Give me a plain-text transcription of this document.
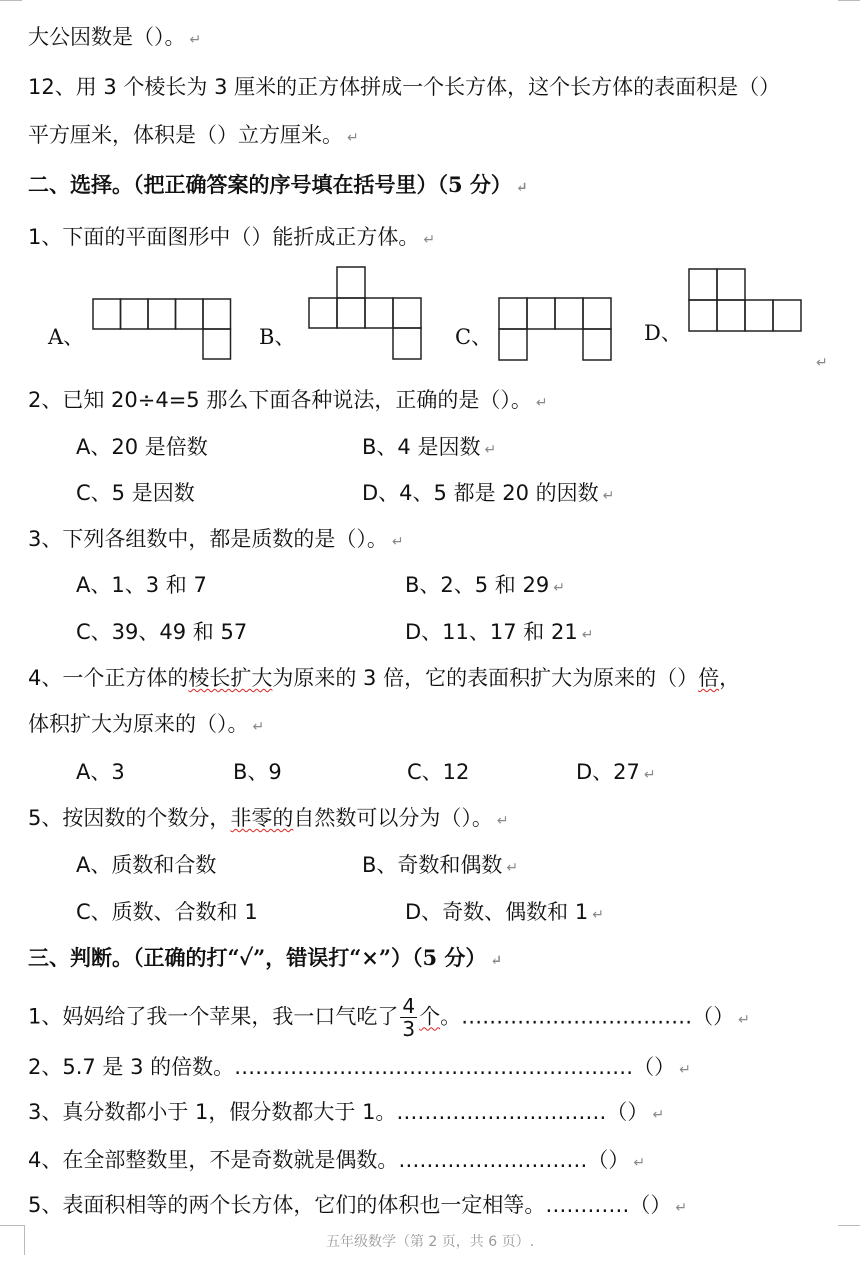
大公因数是（）。 ↵
12、用 3 个棱长为 3 厘米的正方体拼成一个长方体，这个长方体的表面积是（）
平方厘米，体积是（）立方厘米。 ↵
二、选择。（把正确答案的序号填在括号里）（5 分） ↵
1、下面的平面图形中（）能折成正方体。 ↵
A、	B、	C、	D、
↵
2、已知 20÷4=5 那么下面各种说法，正确的是（）。 ↵
A、20 是倍数	B、4 是因数 ↵
C、5 是因数	D、4、5 都是 20 的因数 ↵
3、下列各组数中，都是质数的是（）。 ↵
A、1、3 和 7	B、2、5 和 29 ↵
C、39、49 和 57	D、11、17 和 21 ↵
4、一个正方体的棱长扩大为原来的 3 倍，它的表面积扩大为原来的（）倍，
体积扩大为原来的（）。 ↵
A、3	B、9	C、12	D、27 ↵
5、按因数的个数分，非零的自然数可以分为（）。 ↵
A、质数和合数	B、奇数和偶数 ↵
C、质数、合数和 1	D、奇数、偶数和 1 ↵
三、判断。（正确的打“✓”，错误打“×”）（5 分） ↵
1、妈妈给了我一个苹果，我一口气吃了 $\frac{4}{3}$ 个。……………………………（） ↵
2、5.7 是 3 的倍数。…………………………………………………（） ↵
3、真分数都小于 1，假分数都大于 1。…………………………（） ↵
4、在全部整数里，不是奇数就是偶数。………………………（） ↵
5、表面积相等的两个长方体，它们的体积也一定相等。…………（） ↵
五年级数学（第 2 页，共 6 页）.
